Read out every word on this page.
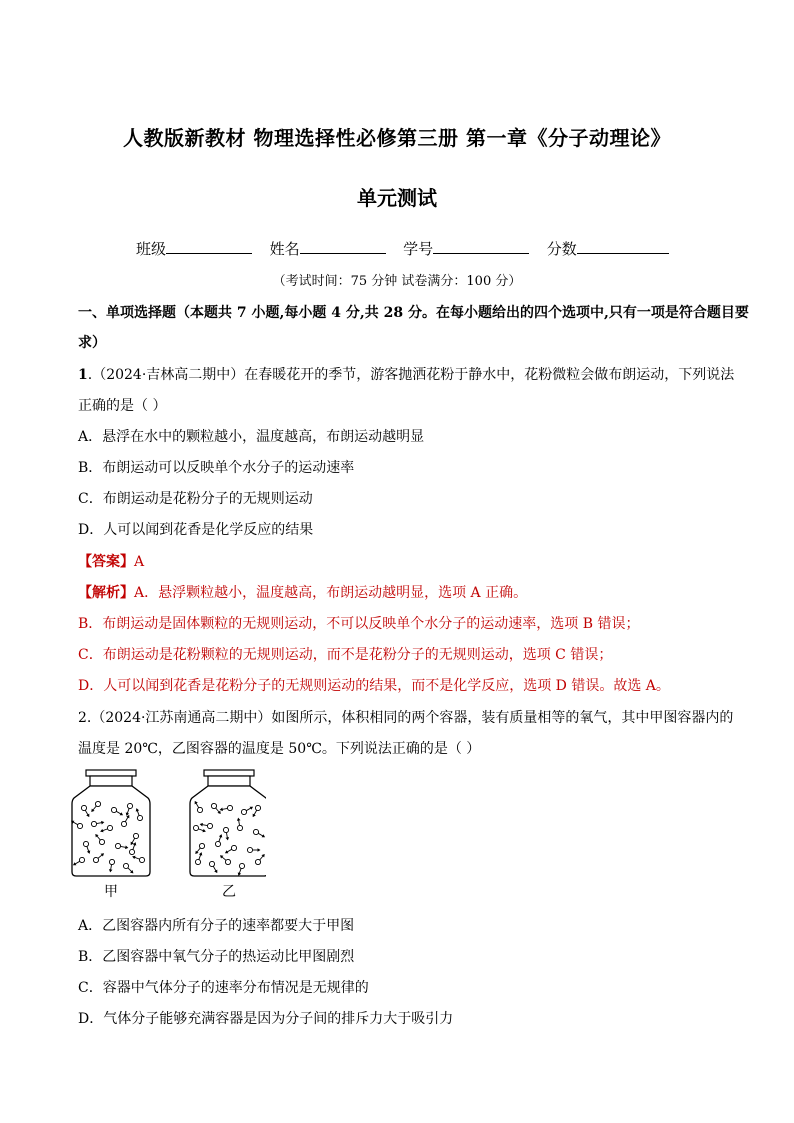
人教版新教材 物理选择性必修第三册 第一章《分子动理论》
单元测试
班级	姓名	学号	分数
（考试时间：75 分钟 试卷满分：100 分）
一、单项选择题（本题共 7 小题,每小题 4 分,共 28 分。在每小题给出的四个选项中,只有一项是符合题目要
求）
1.（2024·吉林高二期中）在春暖花开的季节，游客抛洒花粉于静水中，花粉微粒会做布朗运动，下列说法
正确的是（ ）
A．悬浮在水中的颗粒越小，温度越高，布朗运动越明显
B．布朗运动可以反映单个水分子的运动速率
C．布朗运动是花粉分子的无规则运动
D．人可以闻到花香是化学反应的结果
【答案】A
【解析】A．悬浮颗粒越小，温度越高，布朗运动越明显，选项 A 正确。
B．布朗运动是固体颗粒的无规则运动，不可以反映单个水分子的运动速率，选项 B 错误；
C．布朗运动是花粉颗粒的无规则运动，而不是花粉分子的无规则运动，选项 C 错误；
D．人可以闻到花香是花粉分子的无规则运动的结果，而不是化学反应，选项 D 错误。故选 A。
2.（2024·江苏南通高二期中）如图所示，体积相同的两个容器，装有质量相等的氧气，其中甲图容器内的
温度是 20℃，乙图容器的温度是 50℃。下列说法正确的是（ ）
甲	乙
A．乙图容器内所有分子的速率都要大于甲图
B．乙图容器中氧气分子的热运动比甲图剧烈
C．容器中气体分子的速率分布情况是无规律的
D．气体分子能够充满容器是因为分子间的排斥力大于吸引力
